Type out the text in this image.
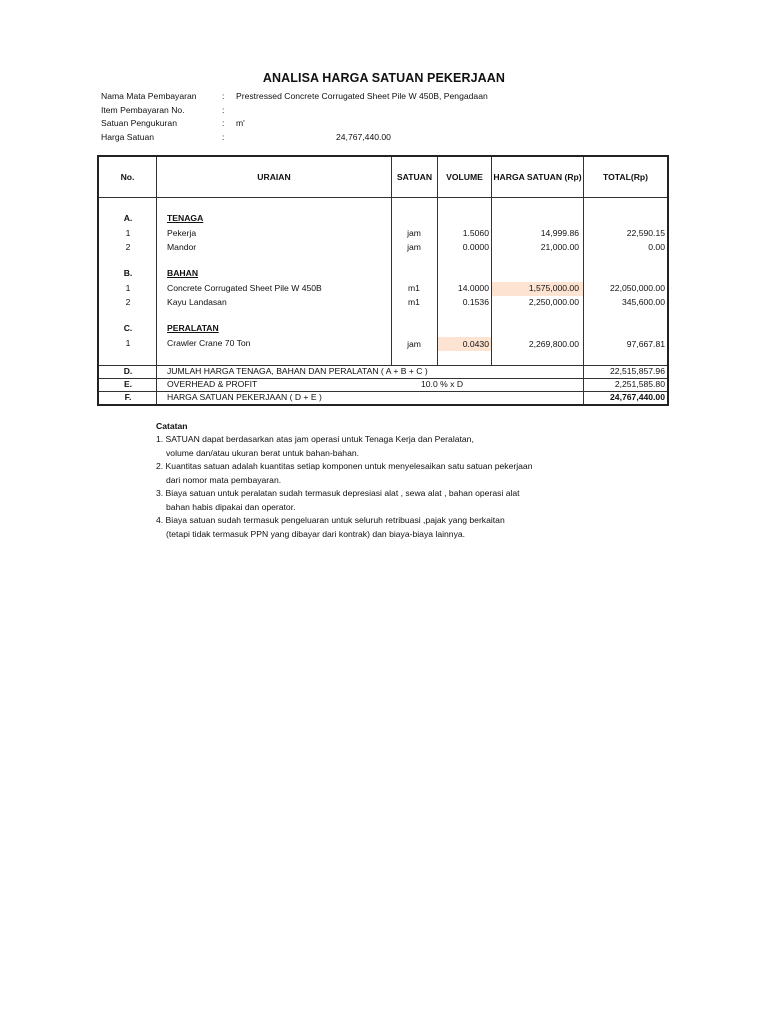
ANALISA HARGA SATUAN PEKERJAAN
Nama Mata Pembayaran	: Prestressed Concrete Corrugated Sheet Pile W 450B, Pengadaan
Item Pembayaran No.	:
Satuan Pengukuran	: m'
Harga Satuan	:	24,767,440.00
No.	URAIAN	SATUAN	VOLUME	HARGA SATUAN (Rp)	TOTAL(Rp)
A.	TENAGA
1	Pekerja	jam	1.5060	14,999.86	22,590.15
2	Mandor	jam	0.0000	21,000.00	0.00
B.	BAHAN
1	Concrete Corrugated Sheet Pile W 450B	m1	14.0000	1,575,000.00	22,050,000.00
2	Kayu Landasan	m1	0.1536	2,250,000.00	345,600.00
C.	PERALATAN
1	Crawler Crane 70 Ton	jam	0.0430	2,269,800.00	97,667.81
D.	JUMLAH HARGA TENAGA, BAHAN DAN PERALATAN ( A + B + C )	22,515,857.96
E.	OVERHEAD & PROFIT	10.0 % x D	2,251,585.80
F.	HARGA SATUAN PEKERJAAN ( D + E )	24,767,440.00
Catatan
1. SATUAN dapat berdasarkan atas jam operasi untuk Tenaga Kerja dan Peralatan,
volume dan/atau ukuran berat untuk bahan-bahan.
2. Kuantitas satuan adalah kuantitas setiap komponen untuk menyelesaikan satu satuan pekerjaan
dari nomor mata pembayaran.
3. Biaya satuan untuk peralatan sudah termasuk depresiasi alat , sewa alat , bahan operasi alat
bahan habis dipakai dan operator.
4. Biaya satuan sudah termasuk pengeluaran untuk seluruh retribuasi ,pajak yang berkaitan
(tetapi tidak termasuk PPN yang dibayar dari kontrak) dan biaya-biaya lainnya.
